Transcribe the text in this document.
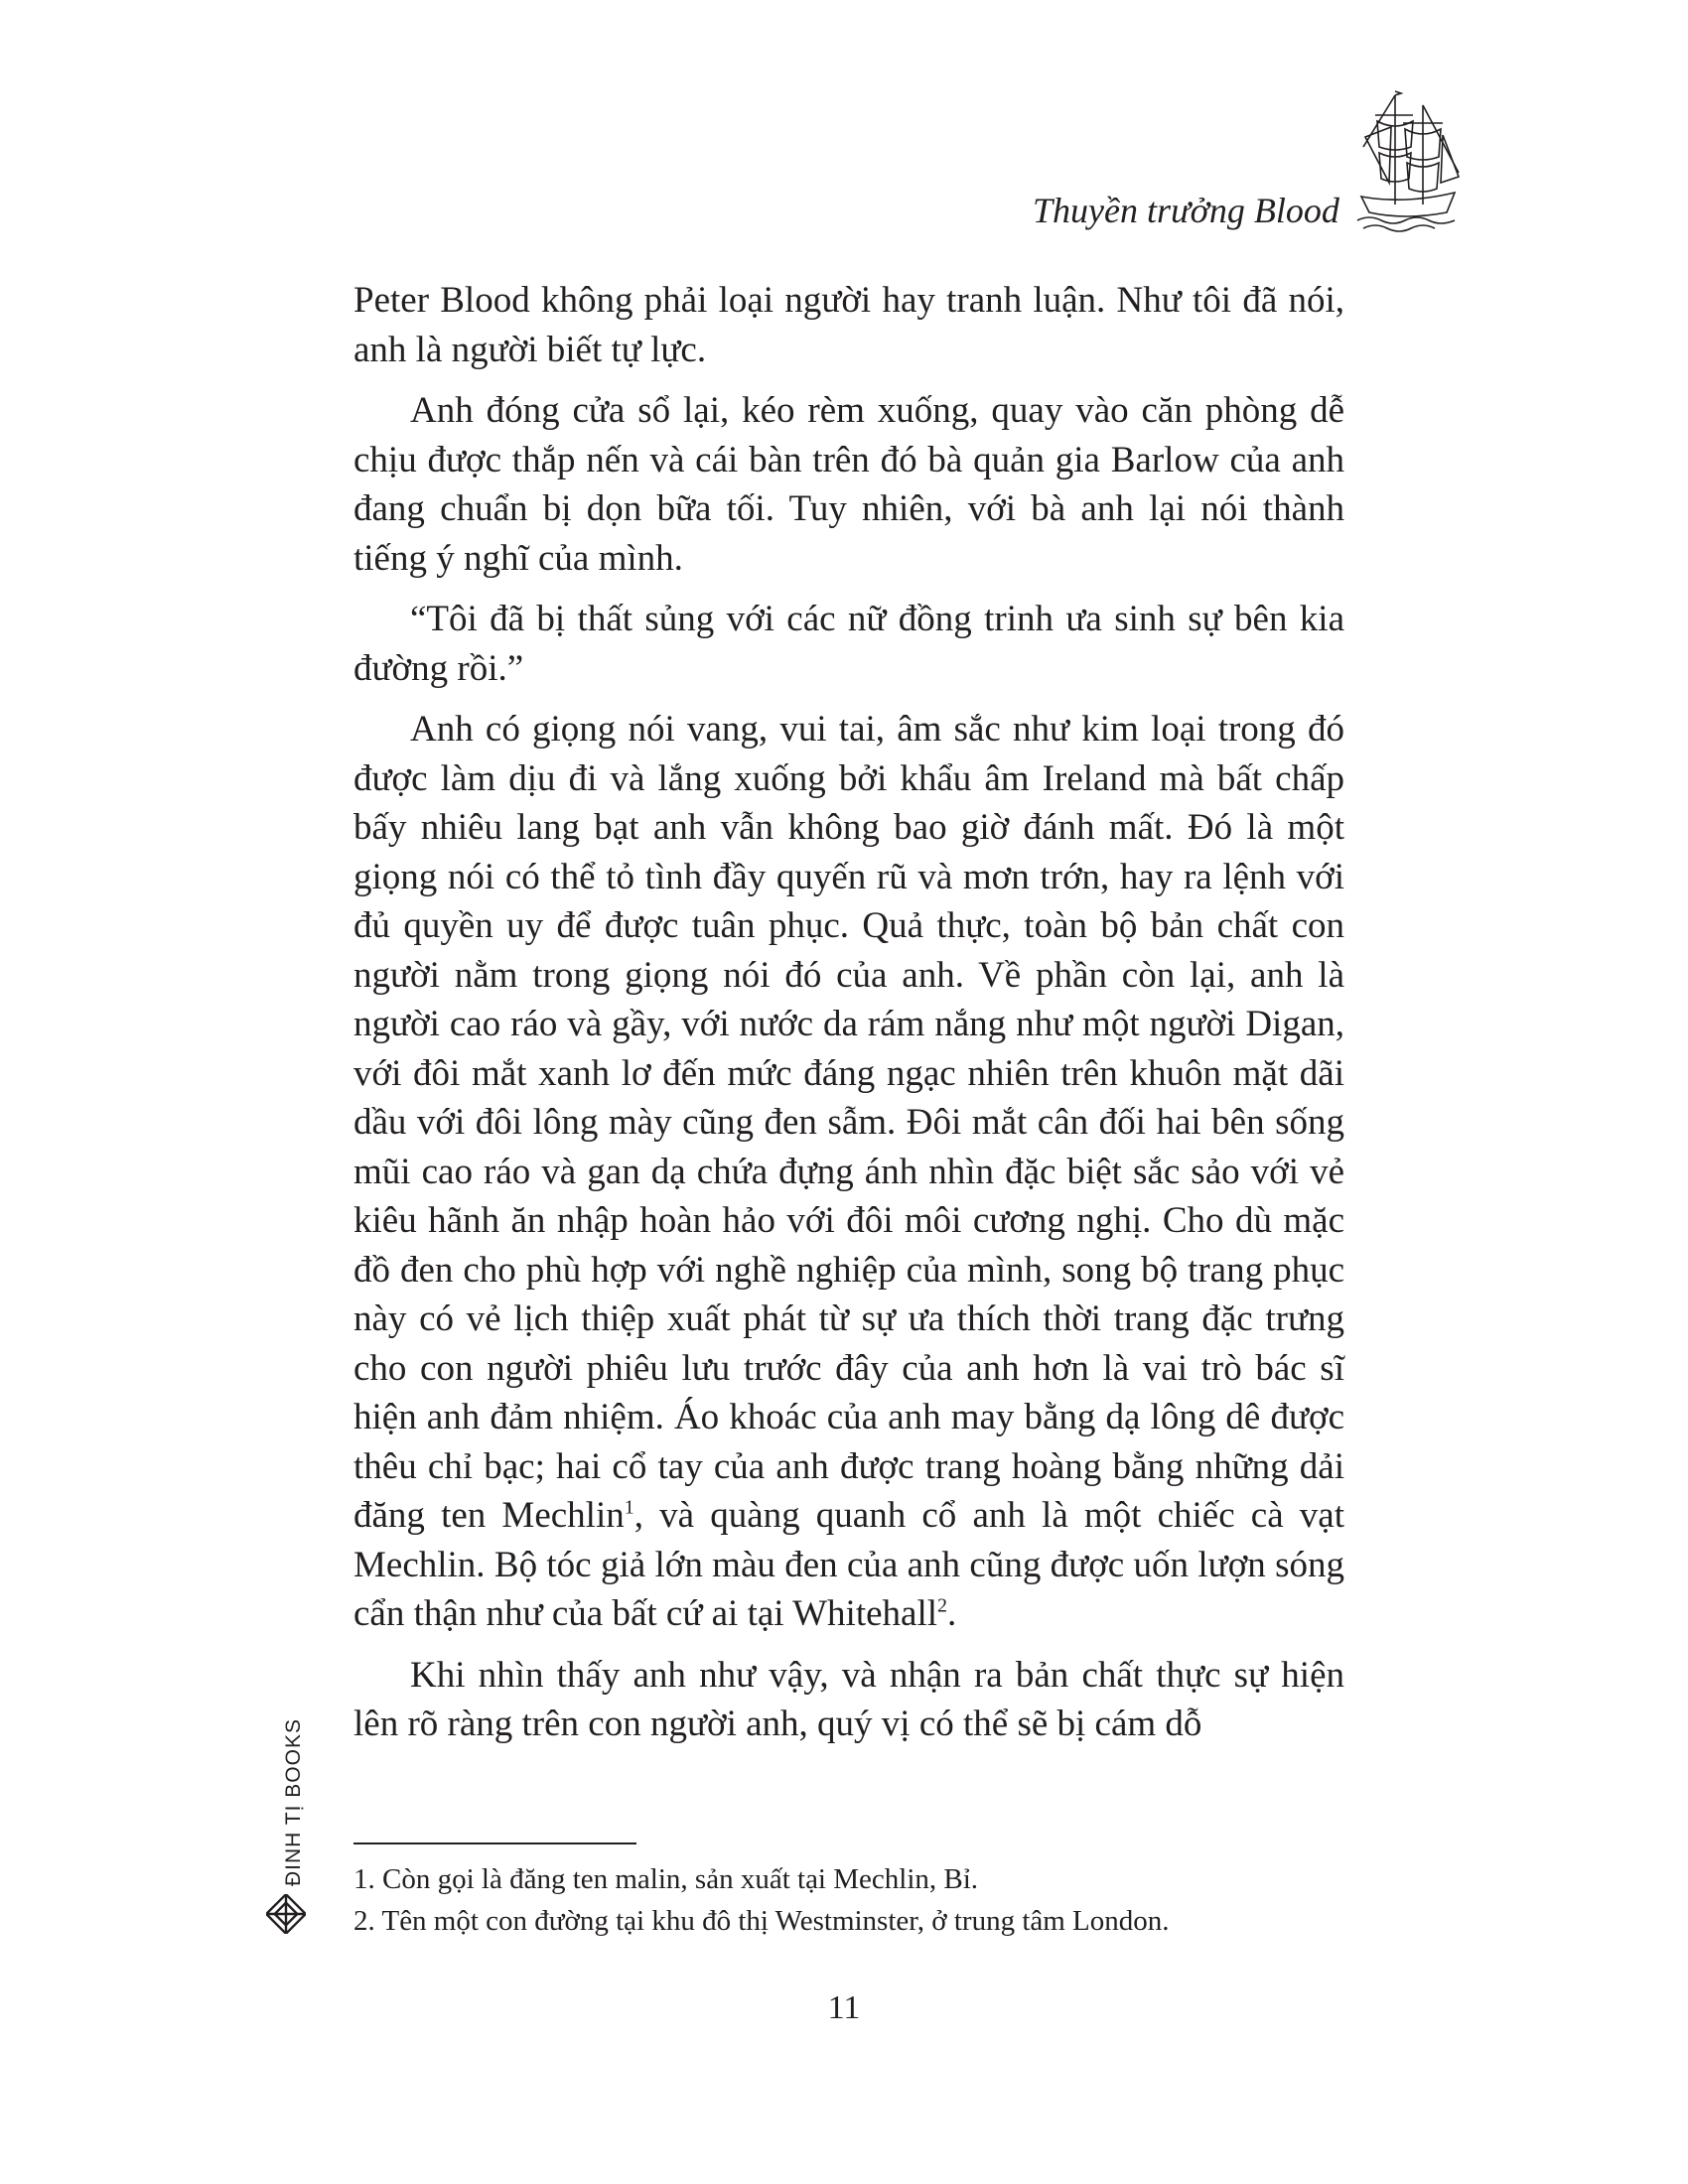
Thuyền trưởng Blood

Peter Blood không phải loại người hay tranh luận. Như tôi đã nói, anh là người biết tự lực.

Anh đóng cửa sổ lại, kéo rèm xuống, quay vào căn phòng dễ chịu được thắp nến và cái bàn trên đó bà quản gia Barlow của anh đang chuẩn bị dọn bữa tối. Tuy nhiên, với bà anh lại nói thành tiếng ý nghĩ của mình.

“Tôi đã bị thất sủng với các nữ đồng trinh ưa sinh sự bên kia đường rồi.”

Anh có giọng nói vang, vui tai, âm sắc như kim loại trong đó được làm dịu đi và lắng xuống bởi khẩu âm Ireland mà bất chấp bấy nhiêu lang bạt anh vẫn không bao giờ đánh mất. Đó là một giọng nói có thể tỏ tình đầy quyến rũ và mơn trớn, hay ra lệnh với đủ quyền uy để được tuân phục. Quả thực, toàn bộ bản chất con người nằm trong giọng nói đó của anh. Về phần còn lại, anh là người cao ráo và gầy, với nước da rám nắng như một người Digan, với đôi mắt xanh lơ đến mức đáng ngạc nhiên trên khuôn mặt dãi dầu với đôi lông mày cũng đen sẫm. Đôi mắt cân đối hai bên sống mũi cao ráo và gan dạ chứa đựng ánh nhìn đặc biệt sắc sảo với vẻ kiêu hãnh ăn nhập hoàn hảo với đôi môi cương nghị. Cho dù mặc đồ đen cho phù hợp với nghề nghiệp của mình, song bộ trang phục này có vẻ lịch thiệp xuất phát từ sự ưa thích thời trang đặc trưng cho con người phiêu lưu trước đây của anh hơn là vai trò bác sĩ hiện anh đảm nhiệm. Áo khoác của anh may bằng dạ lông dê được thêu chỉ bạc; hai cổ tay của anh được trang hoàng bằng những dải đăng ten Mechlin$^1$, và quàng quanh cổ anh là một chiếc cà vạt Mechlin. Bộ tóc giả lớn màu đen của anh cũng được uốn lượn sóng cẩn thận như của bất cứ ai tại Whitehall$^2$.

Khi nhìn thấy anh như vậy, và nhận ra bản chất thực sự hiện lên rõ ràng trên con người anh, quý vị có thể sẽ bị cám dỗ

1. Còn gọi là đăng ten malin, sản xuất tại Mechlin, Bỉ.
2. Tên một con đường tại khu đô thị Westminster, ở trung tâm London.
11
ĐINH TỊ BOOKS
